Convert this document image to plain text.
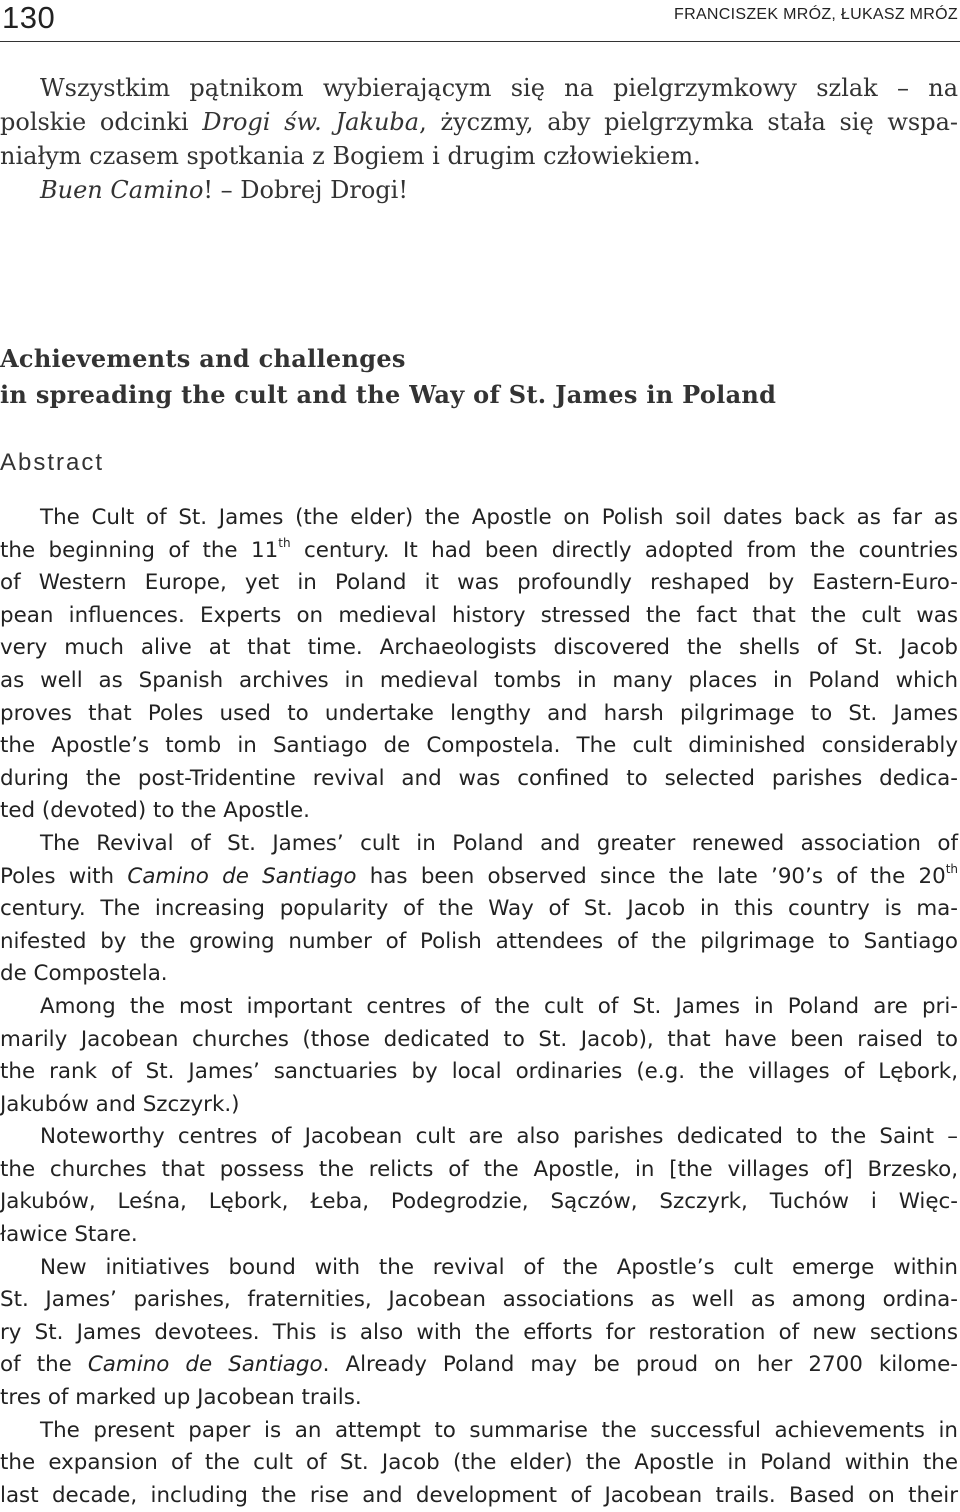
130	FRANCISZEK MRÓZ, ŁUKASZ MRÓZ
Wszystkim pątnikom wybierającym się na pielgrzymkowy szlak – na
polskie odcinki Drogi św. Jakuba, życzmy, aby pielgrzymka stała się wspa-
niałym czasem spotkania z Bogiem i drugim człowiekiem.
Buen Camino! – Dobrej Drogi!
Achievements and challenges
in spreading the cult and the Way of St. James in Poland
Abstract

The Cult of St. James (the elder) the Apostle on Polish soil dates back as far as
the beginning of the 11th century. It had been directly adopted from the countries
of Western Europe, yet in Poland it was profoundly reshaped by Eastern-Euro-
pean influences. Experts on medieval history stressed the fact that the cult was
very much alive at that time. Archaeologists discovered the shells of St. Jacob
as well as Spanish archives in medieval tombs in many places in Poland which
proves that Poles used to undertake lengthy and harsh pilgrimage to St. James
the Apostle’s tomb in Santiago de Compostela. The cult diminished considerably
during the post-Tridentine revival and was confined to selected parishes dedica-
ted (devoted) to the Apostle.

The Revival of St. James’ cult in Poland and greater renewed association of
Poles with Camino de Santiago has been observed since the late ’90’s of the 20th
century. The increasing popularity of the Way of St. Jacob in this country is ma-
nifested by the growing number of Polish attendees of the pilgrimage to Santiago
de Compostela.

Among the most important centres of the cult of St. James in Poland are pri-
marily Jacobean churches (those dedicated to St. Jacob), that have been raised to
the rank of St. James’ sanctuaries by local ordinaries (e.g. the villages of Lębork,
Jakubów and Szczyrk.)

Noteworthy centres of Jacobean cult are also parishes dedicated to the Saint –
the churches that possess the relicts of the Apostle, in [the villages of] Brzesko,
Jakubów, Leśna, Lębork, Łeba, Podegrodzie, Sączów, Szczyrk, Tuchów i Więc-
ławice Stare.

New initiatives bound with the revival of the Apostle’s cult emerge within
St. James’ parishes, fraternities, Jacobean associations as well as among ordina-
ry St. James devotees. This is also with the efforts for restoration of new sections
of the Camino de Santiago. Already Poland may be proud on her 2700 kilome-
tres of marked up Jacobean trails.

The present paper is an attempt to summarise the successful achievements in
the expansion of the cult of St. Jacob (the elder) the Apostle in Poland within the
last decade, including the rise and development of Jacobean trails. Based on their
